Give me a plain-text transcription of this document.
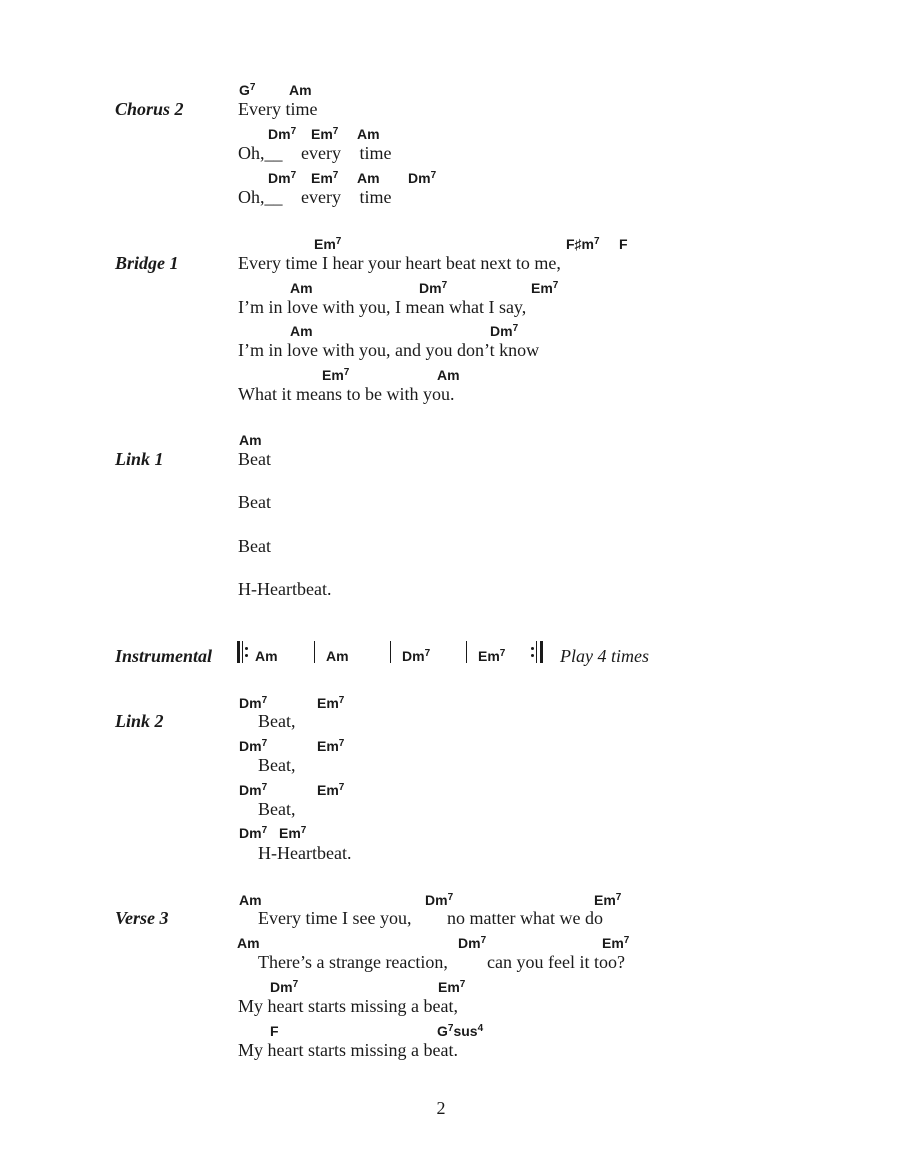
Chorus 2
$G^7$ Am
Every time
Dm$^7$ Em$^7$ Am
Oh,__ every time
Dm$^7$ Em$^7$ Am Dm$^7$
Oh,__ every time
Bridge 1
Em$^7$	$F♯m^7$ F
Every time I hear your heart beat next to me,
Am	Dm$^7$	Em$^7$
I’m in love with you, I mean what I say,
Am	Dm$^7$
I’m in love with you, and you don’t know
Em$^7$	Am
What it means to be with you.
Link 1
Am
Beat
Beat
Beat
H-Heartbeat.
Instrumental	Am	Am	Dm$^7$	Em$^7$	Play 4 times
Link 2
Dm$^7$	Em$^7$
Beat,
Dm$^7$	Em$^7$
Beat,
Dm$^7$	Em$^7$
Beat,
Dm$^7$ Em$^7$
H-Heartbeat.
Verse 3
Am	Dm$^7$	Em$^7$
Every time I see you, no matter what we do
Am	Dm$^7$	Em$^7$
There’s a strange reaction, can you feel it too?
Dm$^7$	Em$^7$
My heart starts missing a beat,
F	$G^7sus^4$
My heart starts missing a beat.
2
